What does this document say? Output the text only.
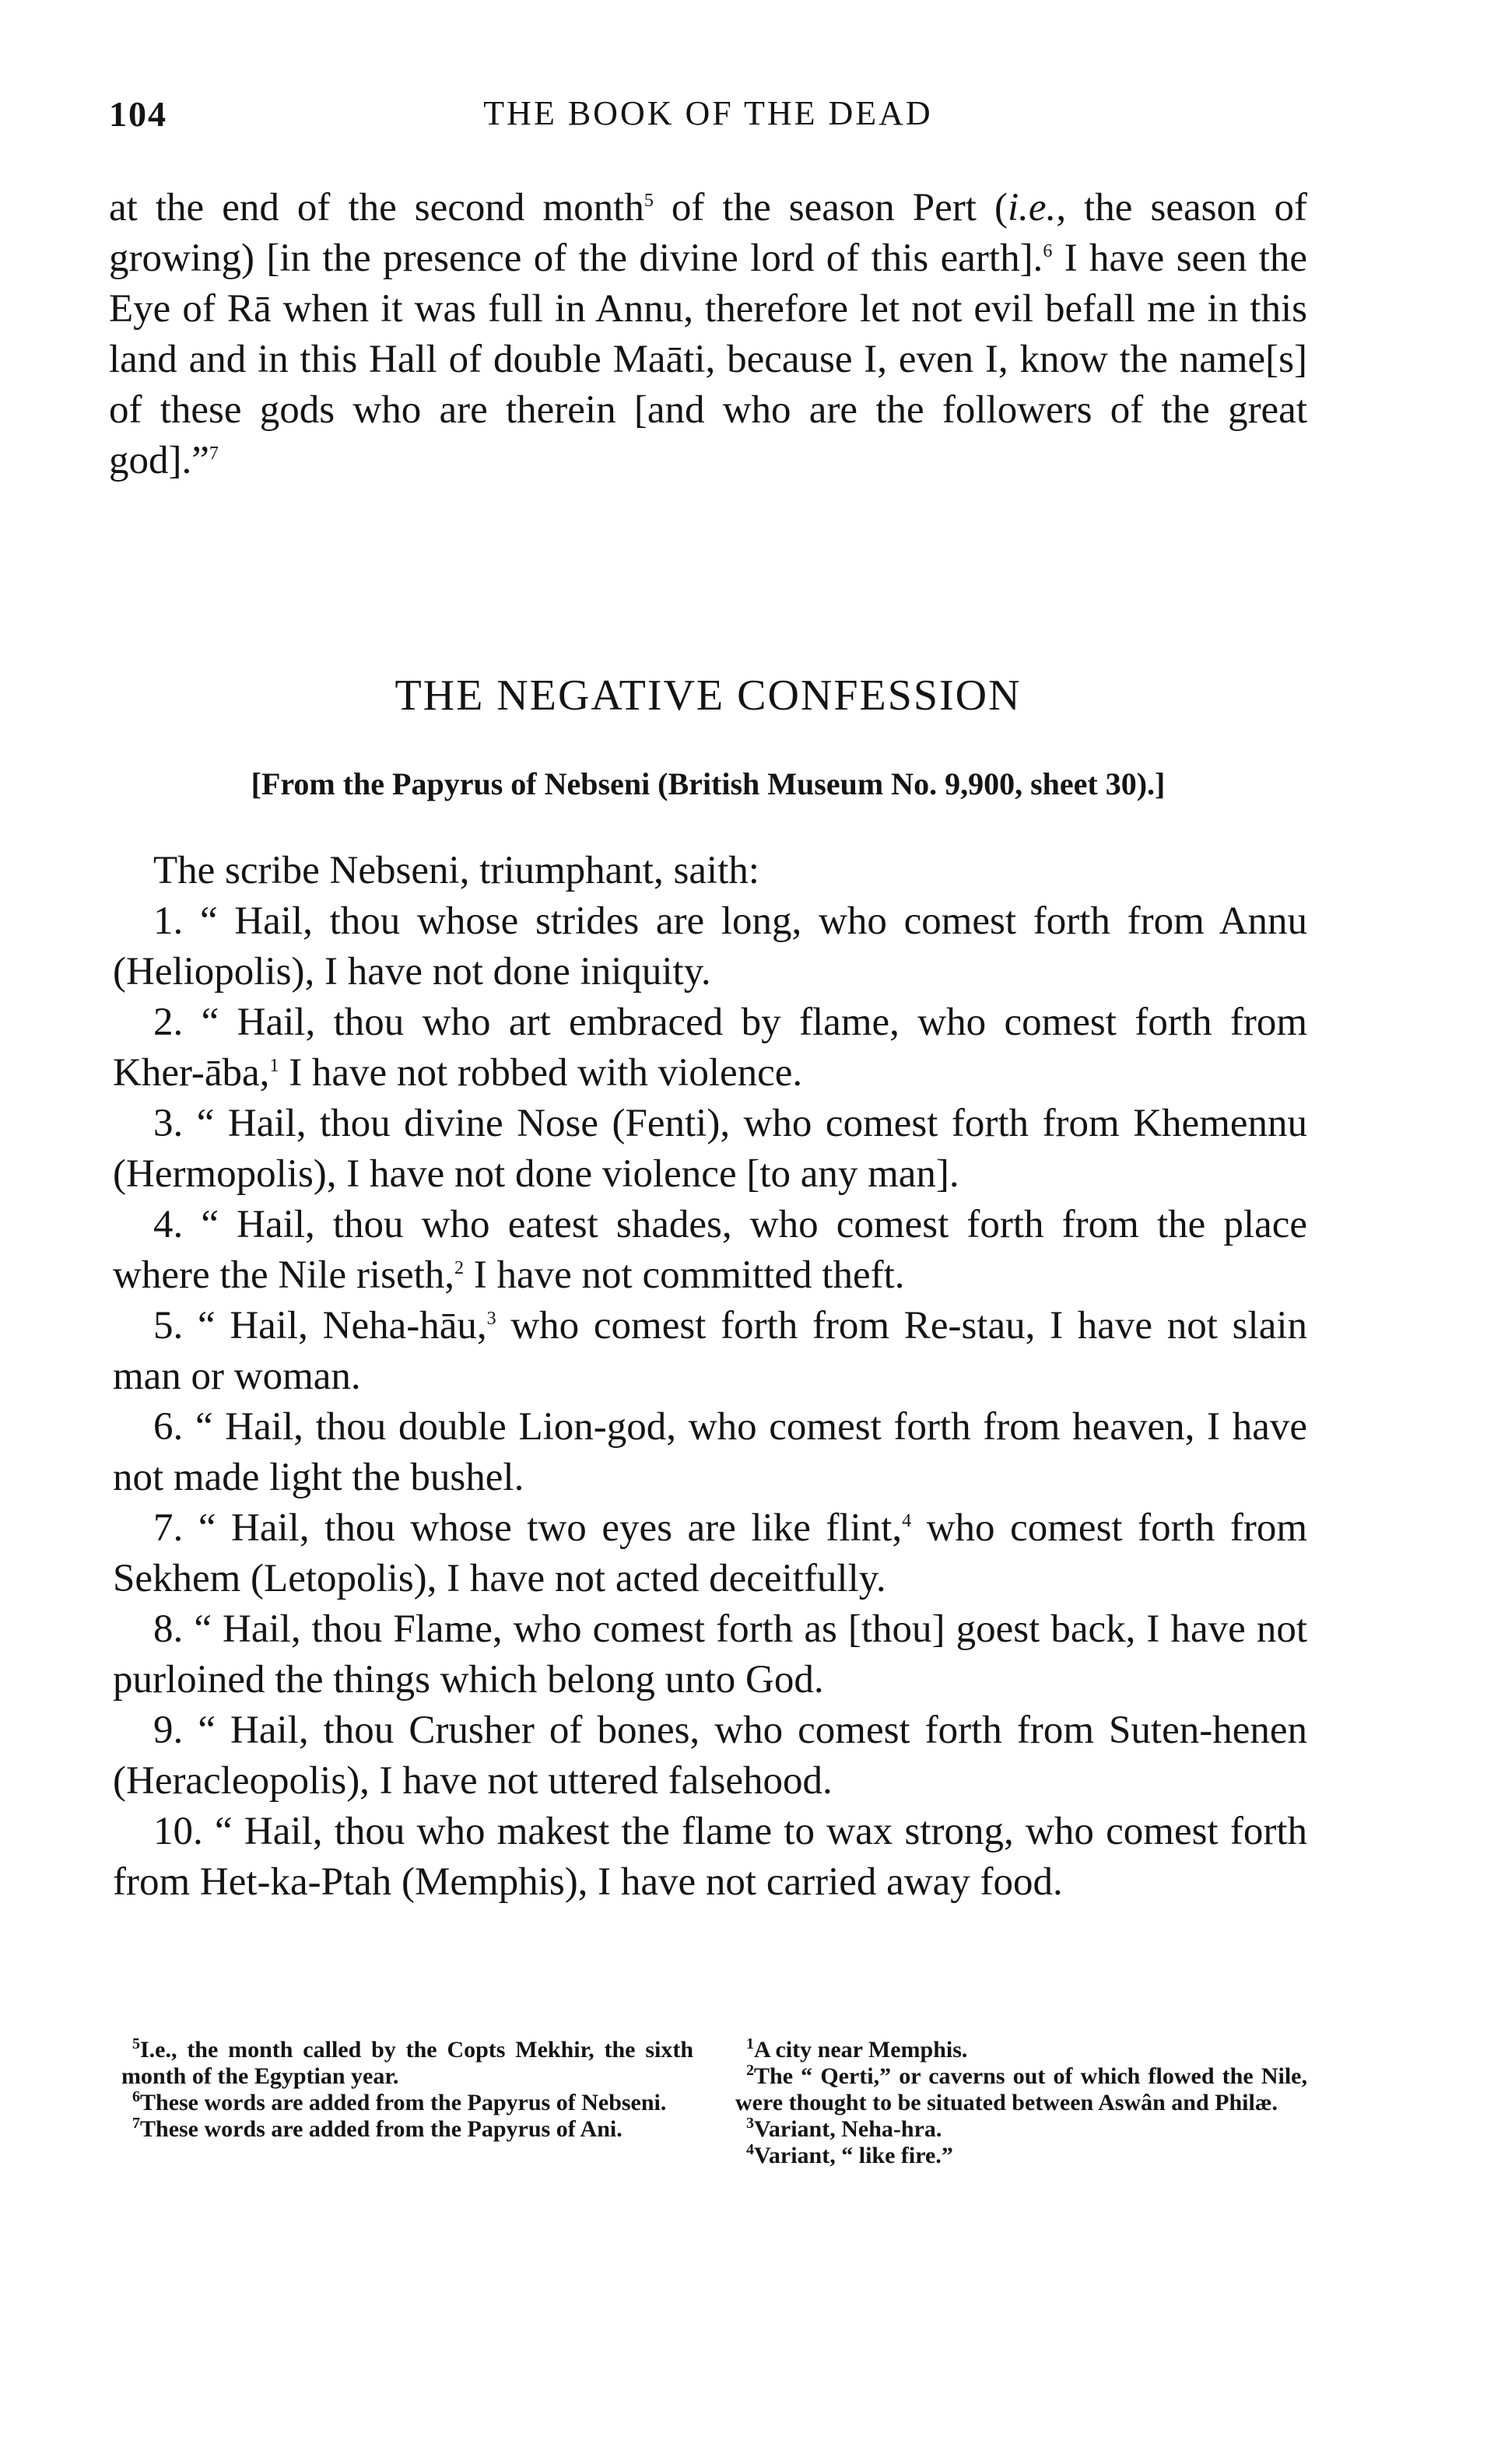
104	THE BOOK OF THE DEAD

at the end of the second month$^5$ of the season Pert (i.e., the season of growing) [in the presence of the divine lord of this earth].$^6$ I have seen the Eye of Rā when it was full in Annu, therefore let not evil befall me in this land and in this Hall of double Maāti, because I, even I, know the name[s] of these gods who are therein [and who are the followers of the great god].”$^7$

THE NEGATIVE CONFESSION
[From the Papyrus of Nebseni (British Museum No. 9,900, sheet 30).]

The scribe Nebseni, triumphant, saith:

1. “ Hail, thou whose strides are long, who comest forth from Annu (Heliopolis), I have not done iniquity.

2. “ Hail, thou who art embraced by flame, who comest forth from Kher-āba,$^1$ I have not robbed with violence.

3. “ Hail, thou divine Nose (Fenti), who comest forth from Khemennu (Hermopolis), I have not done violence [to any man].

4. “ Hail, thou who eatest shades, who comest forth from the place where the Nile riseth,$^2$ I have not committed theft.

5. “ Hail, Neha-hāu,$^3$ who comest forth from Re-stau, I have not slain man or woman.

6. “ Hail, thou double Lion-god, who comest forth from heaven, I have not made light the bushel.

7. “ Hail, thou whose two eyes are like flint,$^4$ who comest forth from Sekhem (Letopolis), I have not acted deceitfully.

8. “ Hail, thou Flame, who comest forth as [thou] goest back, I have not purloined the things which belong unto God.

9. “ Hail, thou Crusher of bones, who comest forth from Suten-henen (Heracleopolis), I have not uttered falsehood.

10. “ Hail, thou who makest the flame to wax strong, who comest forth from Het-ka-Ptah (Memphis), I have not carried away food.

$^5$I.e., the month called by the Copts Mekhir, the sixth month of the Egyptian year.

$^6$These words are added from the Papyrus of Nebseni.

$^7$These words are added from the Papyrus of Ani.

$^1$A city near Memphis.

$^2$The “ Qerti,” or caverns out of which flowed the Nile, were thought to be situated between Aswân and Philæ.

$^3$Variant, Neha-hra.

$^4$Variant, “ like fire.”
